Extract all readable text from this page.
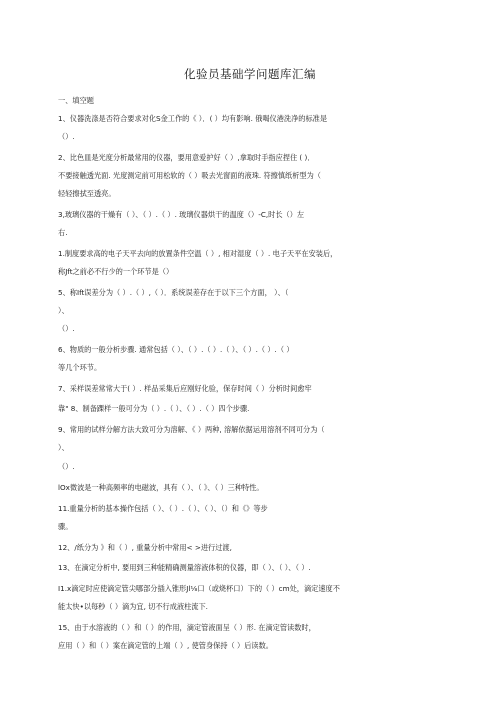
化验员基础学问题库汇编
一、填空题
1、仪器洗涤是否符合要求对化S金工作的《 ）．( ）均有影响. 俄喝仪港洗净的标准是
（）.
2、比色皿是光度分析最常用的仪器，要用意爱护好（ ）,拿取时手指应捏住 ( )．
不要接触透光面. 光度测定前可用松软的（ ）吸去光窗面的液珠. 符擦慎纸析型为（
轻轻擦拭至透亮。
3,玻璃仪器的干燥有（ ）、（ ）.（ ）. 玻璃仪器烘干的温度（）-C,时长（）左
右.
1.制度要求高的电子天平去向的放置条件空温（ ）, 相对湿度（ ）. 电子天平在安装后，
称Jft之前必不行少的一个环节是（）
5、称Ift误差分为（ ）.（ ）,（ ）．系统误差存在于以下三个方面， ）、（
）、
（）.
6、物质的一般分析步骤. 通常包括（ ）、（ ）.（ ）.（ ）、（ ）.（ ）.（ ）
等几个环节。
7、采样误差常常大于( ）. 样品采集后应刚好化验，保存时间（ ）分析时间愈牢
靠" 8、制备踝样一般可分为（ ）.（ ）、（ ）.（ ）四个步骤.
9、常用的试样分解方法大致可分为溶解、《 ）两种, 溶解依据运用溶剂不同可分为（
）、
（）.
lOx微波是一种高频率的电磁波，具有（ ）、（ 》、（ ）三种特性。
11.重量分析的基本操作包括（ ）、（ ）.（ ）、（ ）、（）和《》等步
骤。
12、/纸分为 》和（ ）, 重量分析中常用< >进行过渡,
13、在滴定分析中, 要用到三种能精确测量溶液体积的仪器，即（ ）、（ ）、（ ）.
I1.x滴定时应使滴定管尖哪部分插入锥形Jl⅛口（或烧杯口）下的（ ）cm处，滴定速度不
能太快•以每秒（ ）滴为宜, 切不行成液柱流下.
15、由于水溶液的（ ）和（ ）的作用，滴定管液面呈（ ）形. 在滴定管读数时，
应用（ ）和（ ）案在滴定管的上端（ ）, 使管身保持（ ）后读数。
